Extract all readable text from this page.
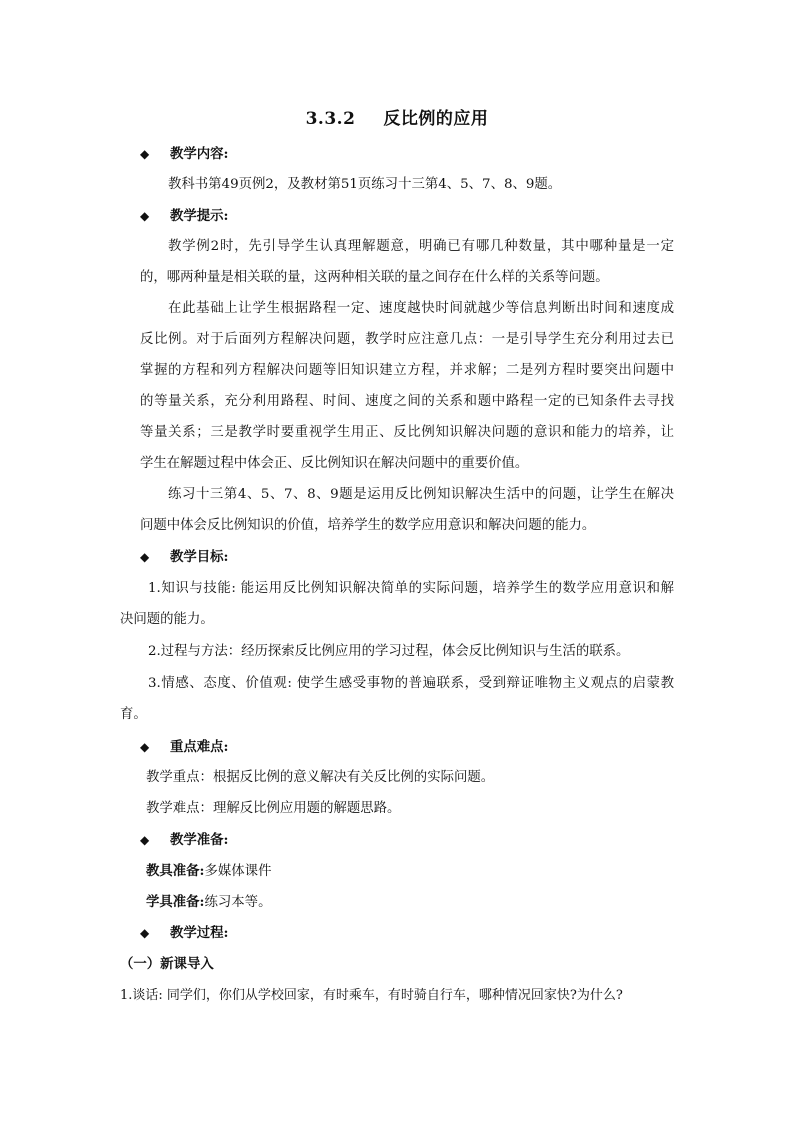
3.3.2 反比例的应用
◆ 教学内容:
教科书第49页例2，及教材第51页练习十三第4、5、7、8、9题。
◆ 教学提示:
教学例2时，先引导学生认真理解题意，明确已有哪几种数量，其中哪种量是一定
的，哪两种量是相关联的量，这两种相关联的量之间存在什么样的关系等问题。
在此基础上让学生根据路程一定、速度越快时间就越少等信息判断出时间和速度成
反比例。对于后面列方程解决问题，教学时应注意几点：一是引导学生充分利用过去已
掌握的方程和列方程解决问题等旧知识建立方程，并求解；二是列方程时要突出问题中
的等量关系，充分利用路程、时间、速度之间的关系和题中路程一定的已知条件去寻找
等量关系；三是教学时要重视学生用正、反比例知识解决问题的意识和能力的培养，让
学生在解题过程中体会正、反比例知识在解决问题中的重要价值。
练习十三第4、5、7、8、9题是运用反比例知识解决生活中的问题，让学生在解决
问题中体会反比例知识的价值，培养学生的数学应用意识和解决问题的能力。
◆ 教学目标:
1.知识与技能: 能运用反比例知识解决简单的实际问题，培养学生的数学应用意识和解
决问题的能力。
2.过程与方法：经历探索反比例应用的学习过程，体会反比例知识与生活的联系。
3.情感、态度、价值观: 使学生感受事物的普遍联系，受到辩证唯物主义观点的启蒙教
育。
◆ 重点难点:
教学重点：根据反比例的意义解决有关反比例的实际问题。
教学难点：理解反比例应用题的解题思路。
◆ 教学准备:
教具准备:多媒体课件
学具准备:练习本等。
◆ 教学过程:
（一）新课导入
1.谈话: 同学们，你们从学校回家，有时乘车，有时骑自行车，哪种情况回家快?为什么?
